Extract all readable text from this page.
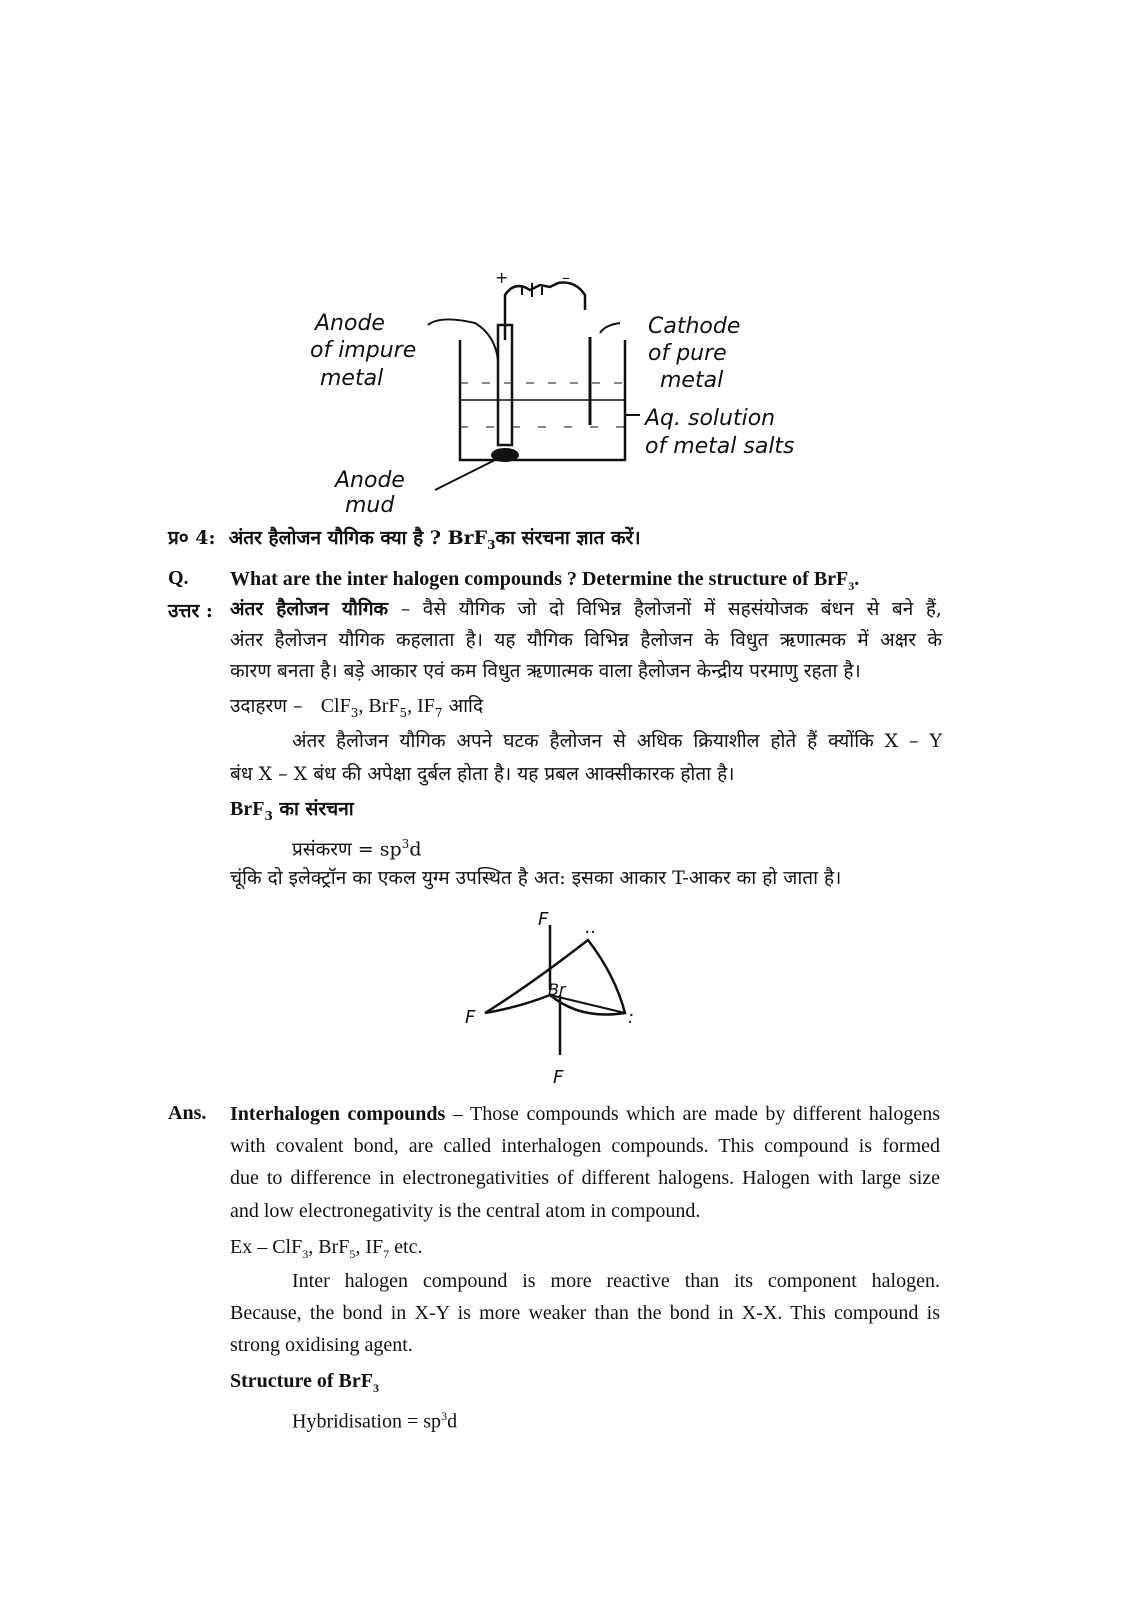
+	–
Anode
of impure
metal
Cathode
of pure
metal
Aq. solution
of metal salts
Anode
mud
प्र० 4: अंतर हैलोजन यौगिक क्या है ? BrF$_3$का संरचना ज्ञात करें।
Q. What are the inter halogen compounds ? Determine the structure of BrF$_3$.
उत्तर : अंतर हैलोजन यौगिक – वैसे यौगिक जो दो विभिन्न हैलोजनों में सहसंयोजक बंधन से बने हैं,
अंतर हैलोजन यौगिक कहलाता है। यह यौगिक विभिन्न हैलोजन के विधुत ऋणात्मक में अक्षर के
कारण बनता है। बड़े आकार एवं कम विधुत ऋणात्मक वाला हैलोजन केन्द्रीय परमाणु रहता है।
उदाहरण – ClF$_3$, BrF$_5$, $IF_7$ आदि
अंतर हैलोजन यौगिक अपने घटक हैलोजन से अधिक क्रियाशील होते हैं क्योंकि X – Y
बंध X – X बंध की अपेक्षा दुर्बल होता है। यह प्रबल आक्सीकारक होता है।
BrF$_3$ का संरचना
प्रसंकरण = $sp^3d$
चूंकि दो इलेक्ट्रॉन का एकल युग्म उपस्थित है अत: इसका आकार T-आकर का हो जाता है।
F
F
F
Br
..
:
Ans. Interhalogen compounds – Those compounds which are made by different halogens
with covalent bond, are called interhalogen compounds. This compound is formed
due to difference in electronegativities of different halogens. Halogen with large size
and low electronegativity is the central atom in compound.
Ex – ClF$_3$, BrF$_5$, $IF_7$ etc.
Inter halogen compound is more reactive than its component halogen.
Because, the bond in X-Y is more weaker than the bond in X-X. This compound is
strong oxidising agent.
Structure of BrF$_3$
Hybridisation = $sp^3d$
